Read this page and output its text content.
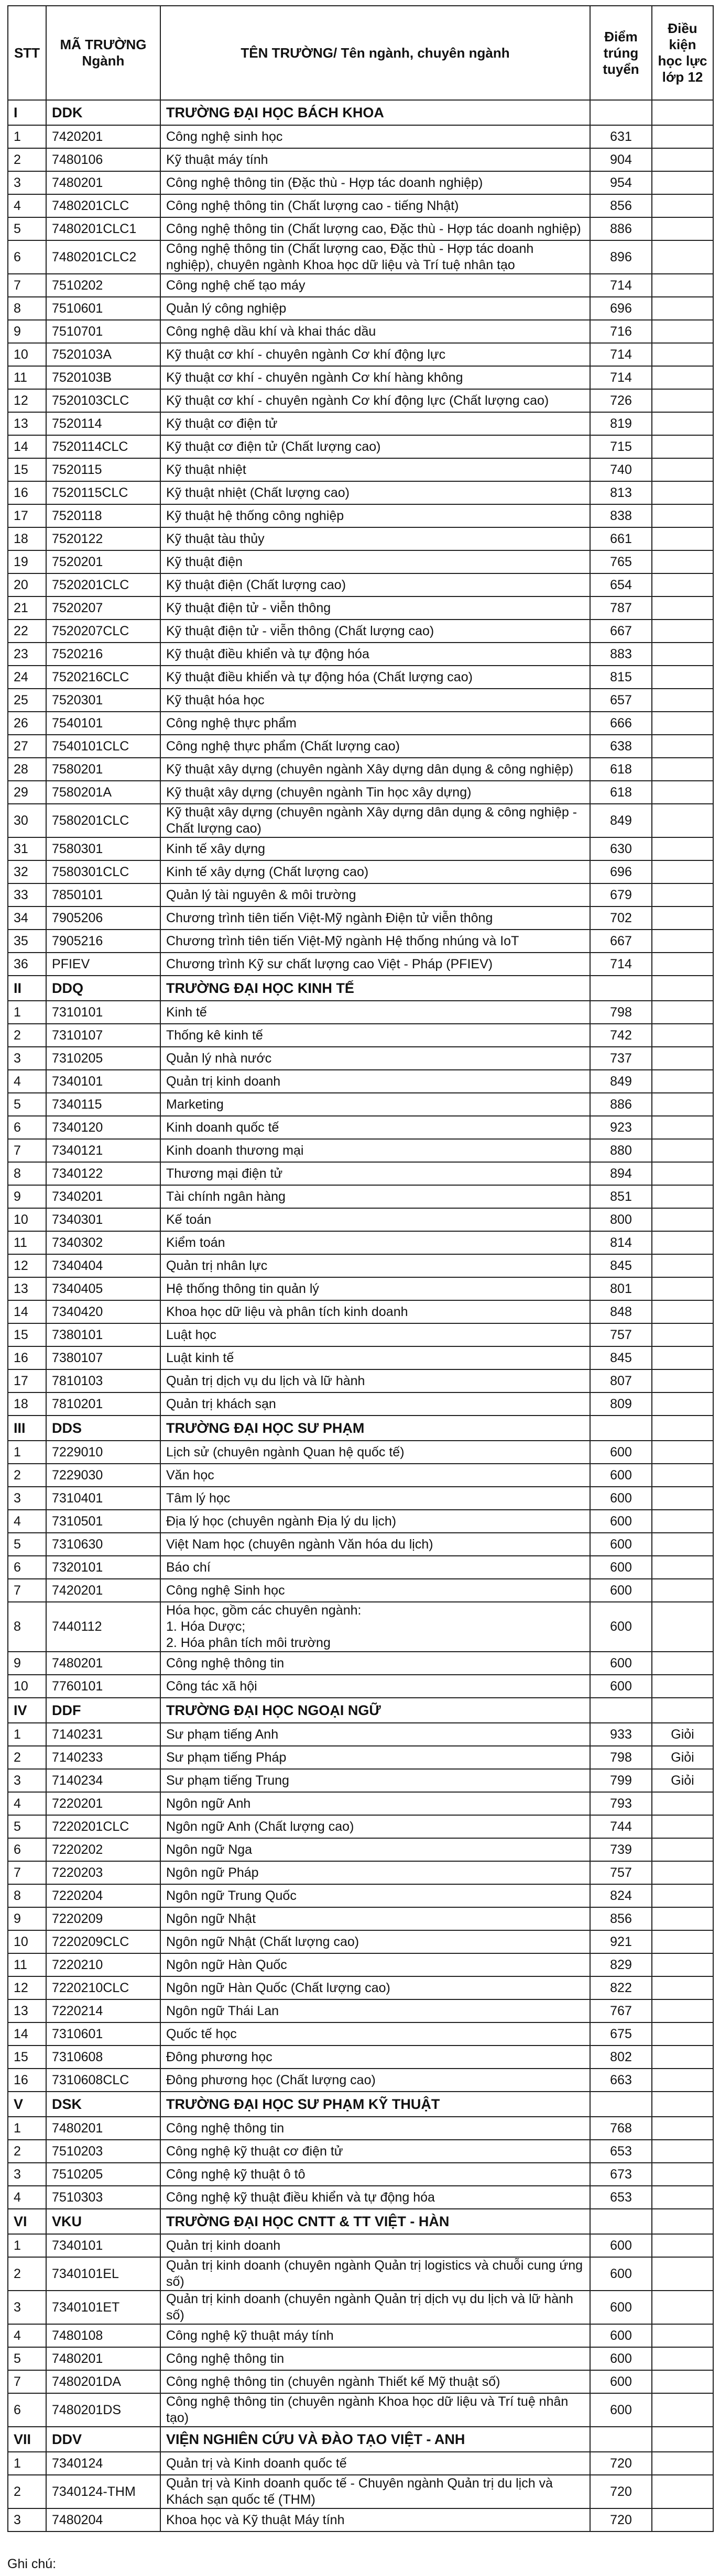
STT	MÃ TRƯỜNG Ngành	TÊN TRƯỜNG/ Tên ngành, chuyên ngành	Điểm trúng tuyển	Điều kiện học lực lớp 12
I	DDK	TRƯỜNG ĐẠI HỌC BÁCH KHOA		
1	7420201	Công nghệ sinh học	631	
2	7480106	Kỹ thuật máy tính	904	
3	7480201	Công nghệ thông tin (Đặc thù - Hợp tác doanh nghiệp)	954	
4	7480201CLC	Công nghệ thông tin (Chất lượng cao - tiếng Nhật)	856	
5	7480201CLC1	Công nghệ thông tin (Chất lượng cao, Đặc thù - Hợp tác doanh nghiệp)	886	
6	7480201CLC2	Công nghệ thông tin (Chất lượng cao, Đặc thù - Hợp tác doanh nghiệp), chuyên ngành Khoa học dữ liệu và Trí tuệ nhân tạo	896	
7	7510202	Công nghệ chế tạo máy	714	
8	7510601	Quản lý công nghiệp	696	
9	7510701	Công nghệ dầu khí và khai thác dầu	716	
10	7520103A	Kỹ thuật cơ khí - chuyên ngành Cơ khí động lực	714	
11	7520103B	Kỹ thuật cơ khí - chuyên ngành Cơ khí hàng không	714	
12	7520103CLC	Kỹ thuật cơ khí - chuyên ngành Cơ khí động lực (Chất lượng cao)	726	
13	7520114	Kỹ thuật cơ điện tử	819	
14	7520114CLC	Kỹ thuật cơ điện tử (Chất lượng cao)	715	
15	7520115	Kỹ thuật nhiệt	740	
16	7520115CLC	Kỹ thuật nhiệt (Chất lượng cao)	813	
17	7520118	Kỹ thuật hệ thống công nghiệp	838	
18	7520122	Kỹ thuật tàu thủy	661	
19	7520201	Kỹ thuật điện	765	
20	7520201CLC	Kỹ thuật điện (Chất lượng cao)	654	
21	7520207	Kỹ thuật điện tử - viễn thông	787	
22	7520207CLC	Kỹ thuật điện tử - viễn thông (Chất lượng cao)	667	
23	7520216	Kỹ thuật điều khiển và tự động hóa	883	
24	7520216CLC	Kỹ thuật điều khiển và tự động hóa (Chất lượng cao)	815	
25	7520301	Kỹ thuật hóa học	657	
26	7540101	Công nghệ thực phẩm	666	
27	7540101CLC	Công nghệ thực phẩm (Chất lượng cao)	638	
28	7580201	Kỹ thuật xây dựng (chuyên ngành Xây dựng dân dụng & công nghiệp)	618	
29	7580201A	Kỹ thuật xây dựng (chuyên ngành Tin học xây dựng)	618	
30	7580201CLC	Kỹ thuật xây dựng (chuyên ngành Xây dựng dân dụng & công nghiệp - Chất lượng cao)	849	
31	7580301	Kinh tế xây dựng	630	
32	7580301CLC	Kinh tế xây dựng (Chất lượng cao)	696	
33	7850101	Quản lý tài nguyên & môi trường	679	
34	7905206	Chương trình tiên tiến Việt-Mỹ ngành Điện tử viễn thông	702	
35	7905216	Chương trình tiên tiến Việt-Mỹ ngành Hệ thống nhúng và IoT	667	
36	PFIEV	Chương trình Kỹ sư chất lượng cao Việt - Pháp (PFIEV)	714	
II	DDQ	TRƯỜNG ĐẠI HỌC KINH TẾ		
1	7310101	Kinh tế	798	
2	7310107	Thống kê kinh tế	742	
3	7310205	Quản lý nhà nước	737	
4	7340101	Quản trị kinh doanh	849	
5	7340115	Marketing	886	
6	7340120	Kinh doanh quốc tế	923	
7	7340121	Kinh doanh thương mại	880	
8	7340122	Thương mại điện tử	894	
9	7340201	Tài chính ngân hàng	851	
10	7340301	Kế toán	800	
11	7340302	Kiểm toán	814	
12	7340404	Quản trị nhân lực	845	
13	7340405	Hệ thống thông tin quản lý	801	
14	7340420	Khoa học dữ liệu và phân tích kinh doanh	848	
15	7380101	Luật học	757	
16	7380107	Luật kinh tế	845	
17	7810103	Quản trị dịch vụ du lịch và lữ hành	807	
18	7810201	Quản trị khách sạn	809	
III	DDS	TRƯỜNG ĐẠI HỌC SƯ PHẠM		
1	7229010	Lịch sử (chuyên ngành Quan hệ quốc tế)	600	
2	7229030	Văn học	600	
3	7310401	Tâm lý học	600	
4	7310501	Địa lý học (chuyên ngành Địa lý du lịch)	600	
5	7310630	Việt Nam học (chuyên ngành Văn hóa du lịch)	600	
6	7320101	Báo chí	600	
7	7420201	Công nghệ Sinh học	600	
8	7440112	Hóa học, gồm các chuyên ngành:
1. Hóa Dược;
2. Hóa phân tích môi trường	600	
9	7480201	Công nghệ thông tin	600	
10	7760101	Công tác xã hội	600	
IV	DDF	TRƯỜNG ĐẠI HỌC NGOẠI NGỮ		
1	7140231	Sư phạm tiếng Anh	933	Giỏi
2	7140233	Sư phạm tiếng Pháp	798	Giỏi
3	7140234	Sư phạm tiếng Trung	799	Giỏi
4	7220201	Ngôn ngữ Anh	793	
5	7220201CLC	Ngôn ngữ Anh (Chất lượng cao)	744	
6	7220202	Ngôn ngữ Nga	739	
7	7220203	Ngôn ngữ Pháp	757	
8	7220204	Ngôn ngữ Trung Quốc	824	
9	7220209	Ngôn ngữ Nhật	856	
10	7220209CLC	Ngôn ngữ Nhật (Chất lượng cao)	921	
11	7220210	Ngôn ngữ Hàn Quốc	829	
12	7220210CLC	Ngôn ngữ Hàn Quốc (Chất lượng cao)	822	
13	7220214	Ngôn ngữ Thái Lan	767	
14	7310601	Quốc tế học	675	
15	7310608	Đông phương học	802	
16	7310608CLC	Đông phương học (Chất lượng cao)	663	
V	DSK	TRƯỜNG ĐẠI HỌC SƯ PHẠM KỸ THUẬT		
1	7480201	Công nghệ thông tin	768	
2	7510203	Công nghệ kỹ thuật cơ điện tử	653	
3	7510205	Công nghệ kỹ thuật ô tô	673	
4	7510303	Công nghệ kỹ thuật điều khiển và tự động hóa	653	
VI	VKU	TRƯỜNG ĐẠI HỌC CNTT & TT VIỆT - HÀN		
1	7340101	Quản trị kinh doanh	600	
2	7340101EL	Quản trị kinh doanh (chuyên ngành Quản trị logistics và chuỗi cung ứng số)	600	
3	7340101ET	Quản trị kinh doanh (chuyên ngành Quản trị dịch vụ du lịch và lữ hành số)	600	
4	7480108	Công nghệ kỹ thuật máy tính	600	
5	7480201	Công nghệ thông tin	600	
7	7480201DA	Công nghệ thông tin (chuyên ngành Thiết kế Mỹ thuật số)	600	
6	7480201DS	Công nghệ thông tin (chuyên ngành Khoa học dữ liệu và Trí tuệ nhân tạo)	600	
VII	DDV	VIỆN NGHIÊN CỨU VÀ ĐÀO TẠO VIỆT - ANH		
1	7340124	Quản trị và Kinh doanh quốc tế	720	
2	7340124-THM	Quản trị và Kinh doanh quốc tế - Chuyên ngành Quản trị du lịch và Khách sạn quốc tế (THM)	720	
3	7480204	Khoa học và Kỹ thuật Máy tính	720	
Ghi chú:
